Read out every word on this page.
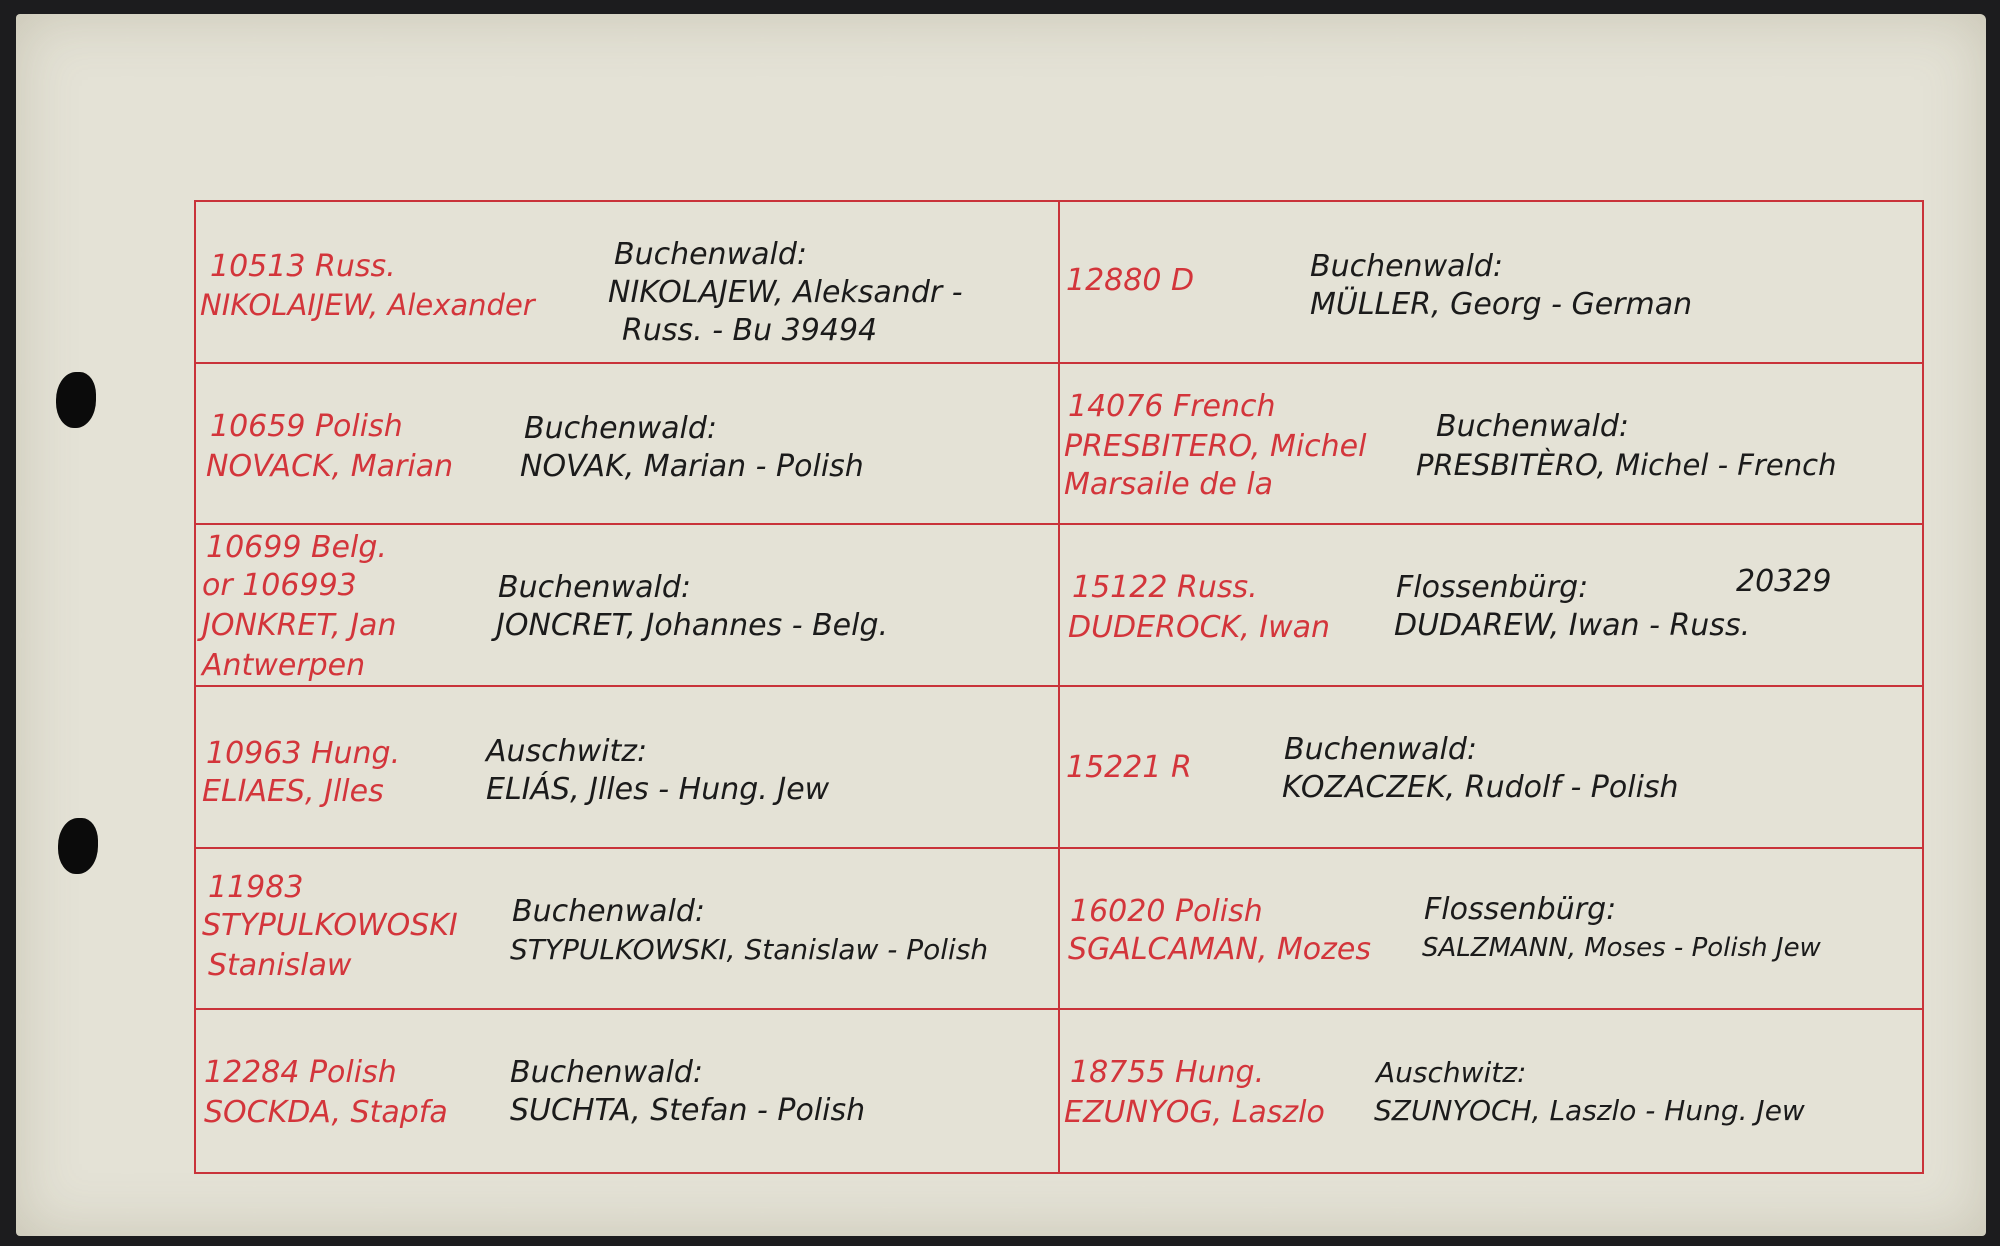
10513 Russ.
NIKOLAIJEW, Alexander
Buchenwald:
NIKOLAJEW, Aleksandr -
Russ. - Bu 39494
12880 D	Buchenwald:
MÜLLER, Georg - German
10659 Polish
NOVACK, Marian
Buchenwald:
NOVAK, Marian - Polish
14076 French
PRESBITERO, Michel
Marsaile de la
Buchenwald:
PRESBITÈRO, Michel - French
10699 Belg.
or 106993
JONKRET, Jan
Antwerpen
Buchenwald:
JONCRET, Johannes - Belg.
15122 Russ.
DUDEROCK, Iwan
Flossenbürg:	20329
DUDAREW, Iwan - Russ.
10963 Hung.
ELIAES, Jlles
Auschwitz:
ELIÁS, Jlles - Hung. Jew
15221 R
Buchenwald:
KOZACZEK, Rudolf - Polish
11983
STYPULKOWOSKI
Stanislaw
Buchenwald:
STYPULKOWSKI, Stanislaw - Polish
16020 Polish
SGALCAMAN, Mozes
Flossenbürg:
SALZMANN, Moses - Polish Jew
12284 Polish
SOCKDA, Stapfa
Buchenwald:
SUCHTA, Stefan - Polish
18755 Hung.
EZUNYOG, Laszlo
Auschwitz:
SZUNYOCH, Laszlo - Hung. Jew
